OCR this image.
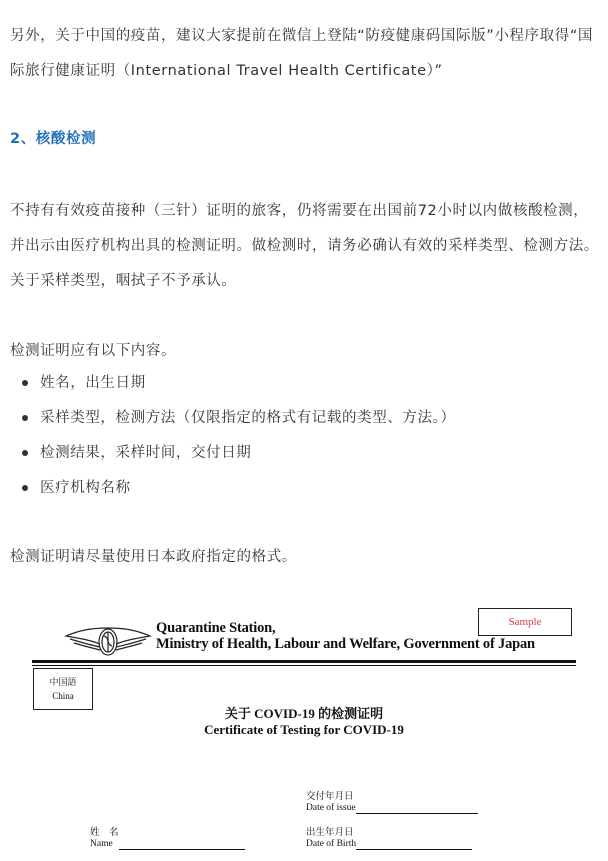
另外，关于中国的疫苗，建议大家提前在微信上登陆“防疫健康码国际版”小程序取得“国际旅行健康证明（International Travel Health Certificate）”

2、核酸检测

不持有有效疫苗接种（三针）证明的旅客，仍将需要在出国前72小时以内做核酸检测，并出示由医疗机构出具的检测证明。做检测时，请务必确认有效的采样类型、检测方法。关于采样类型，咽拭子不予承认。

检测证明应有以下内容。

姓名，出生日期
采样类型，检测方法（仅限指定的格式有记载的类型、方法。）
检测结果，采样时间，交付日期
医疗机构名称

检测证明请尽量使用日本政府指定的格式。

Sample
Quarantine Station,
Ministry of Health, Labour and Welfare, Government of Japan
中国語
China
关于 COVID-19 的检测证明
Certificate of Testing for COVID-19
交付年月日
Date of issue
姓　名
Name
出生年月日
Date of Birth
